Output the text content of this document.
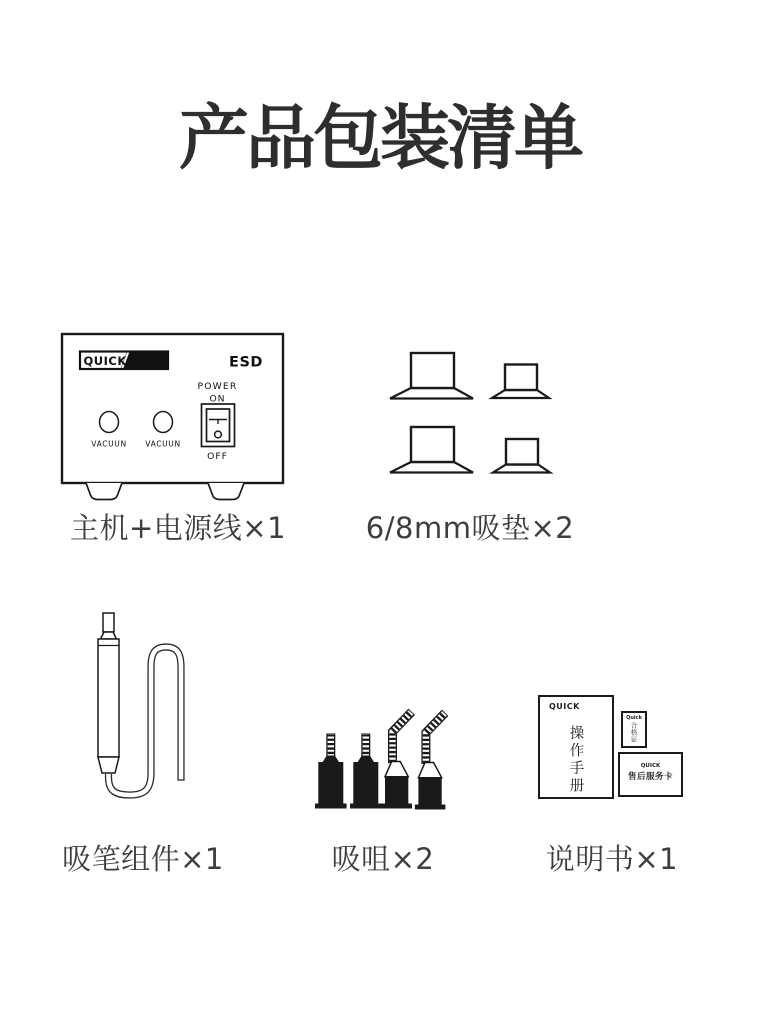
产品包装清单
QUICK 382A	ESD
POWER
ON
OFF
VACUUN VACUUN
QUICK
操作手册
Quick
合格证
QUICK
售后服务卡
主机+电源线×1	6/8mm吸垫×2
吸笔组件×1	吸咀×2	说明书×1
